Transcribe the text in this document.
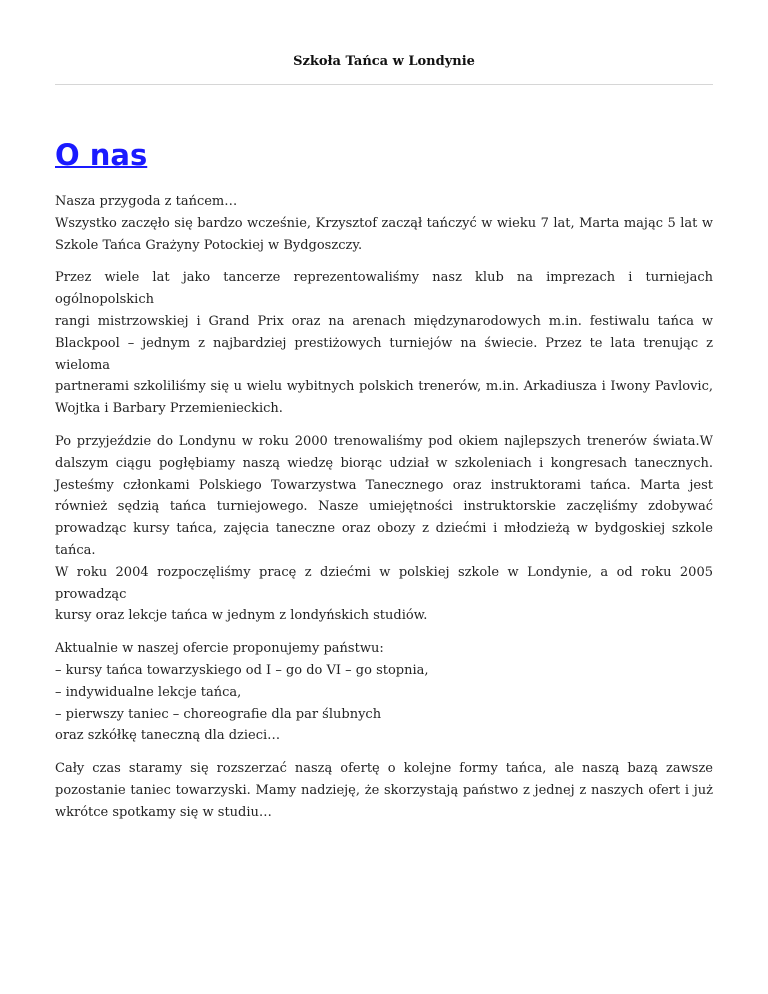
Szkoła Tańca w Londynie
O nas

Nasza przygoda z tańcem…
Wszystko zaczęło się bardzo wcześnie, Krzysztof zaczął tańczyć w wieku 7 lat, Marta mając 5 lat w
Szkole Tańca Grażyny Potockiej w Bydgoszczy.

Przez wiele lat jako tancerze reprezentowaliśmy nasz klub na imprezach i turniejach ogólnopolskich
rangi mistrzowskiej i Grand Prix oraz na arenach międzynarodowych m.in. festiwalu tańca w
Blackpool – jednym z najbardziej prestiżowych turniejów na świecie. Przez te lata trenując z wieloma
partnerami szkoliliśmy się u wielu wybitnych polskich trenerów, m.in. Arkadiusza i Iwony Pavlovic,
Wojtka i Barbary Przemienieckich.

Po przyjeździe do Londynu w roku 2000 trenowaliśmy pod okiem najlepszych trenerów świata.W
dalszym ciągu pogłębiamy naszą wiedzę biorąc udział w szkoleniach i kongresach tanecznych.
Jesteśmy członkami Polskiego Towarzystwa Tanecznego oraz instruktorami tańca. Marta jest
również sędzią tańca turniejowego. Nasze umiejętności instruktorskie zaczęliśmy zdobywać
prowadząc kursy tańca, zajęcia taneczne oraz obozy z dziećmi i młodzieżą w bydgoskiej szkole tańca.
W roku 2004 rozpoczęliśmy pracę z dziećmi w polskiej szkole w Londynie, a od roku 2005 prowadząc
kursy oraz lekcje tańca w jednym z londyńskich studiów.

Aktualnie w naszej ofercie proponujemy państwu:
– kursy tańca towarzyskiego od I – go do VI – go stopnia,
– indywidualne lekcje tańca,
– pierwszy taniec – choreografie dla par ślubnych
oraz szkółkę taneczną dla dzieci…

Cały czas staramy się rozszerzać naszą ofertę o kolejne formy tańca, ale naszą bazą zawsze
pozostanie taniec towarzyski. Mamy nadzieję, że skorzystają państwo z jednej z naszych ofert i już
wkrótce spotkamy się w studiu…
